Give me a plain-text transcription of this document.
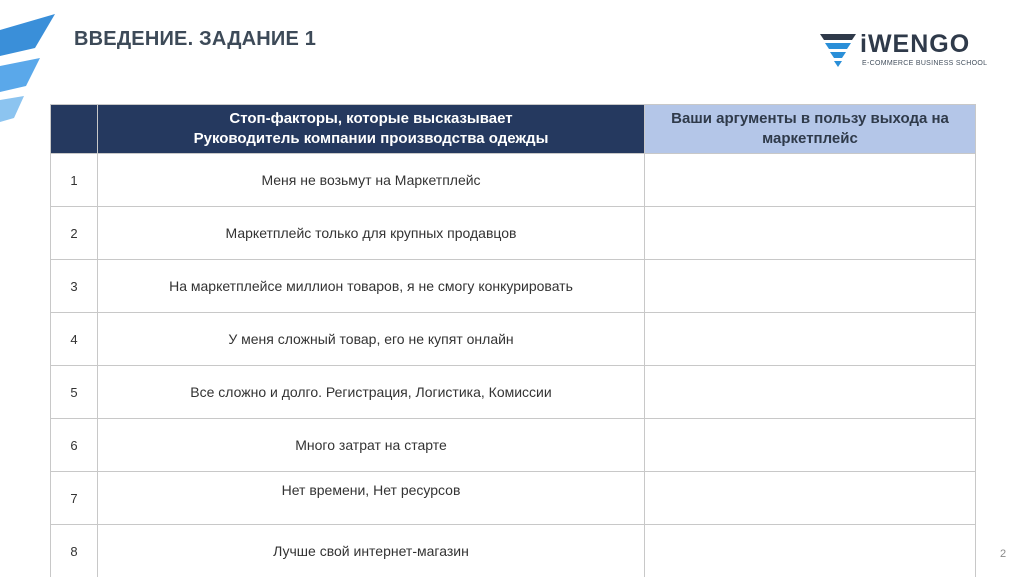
ВВЕДЕНИЕ. ЗАДАНИЕ 1	iWENGO
E-COMMERCE BUSINESS SCHOOL
	Стоп-факторы, которые высказывает Руководитель компании производства одежды	Ваши аргументы в пользу выхода на маркетплейс
1	Меня не возьмут на Маркетплейс	
2	Маркетплейс только для крупных продавцов	
3	На маркетплейсе миллион товаров, я не смогу конкурировать	
4	У меня сложный товар, его не купят онлайн	
5	Все сложно и долго. Регистрация, Логистика, Комиссии	
6	Много затрат на старте	
7	Нет времени, Нет ресурсов	
8	Лучше свой интернет-магазин		2
